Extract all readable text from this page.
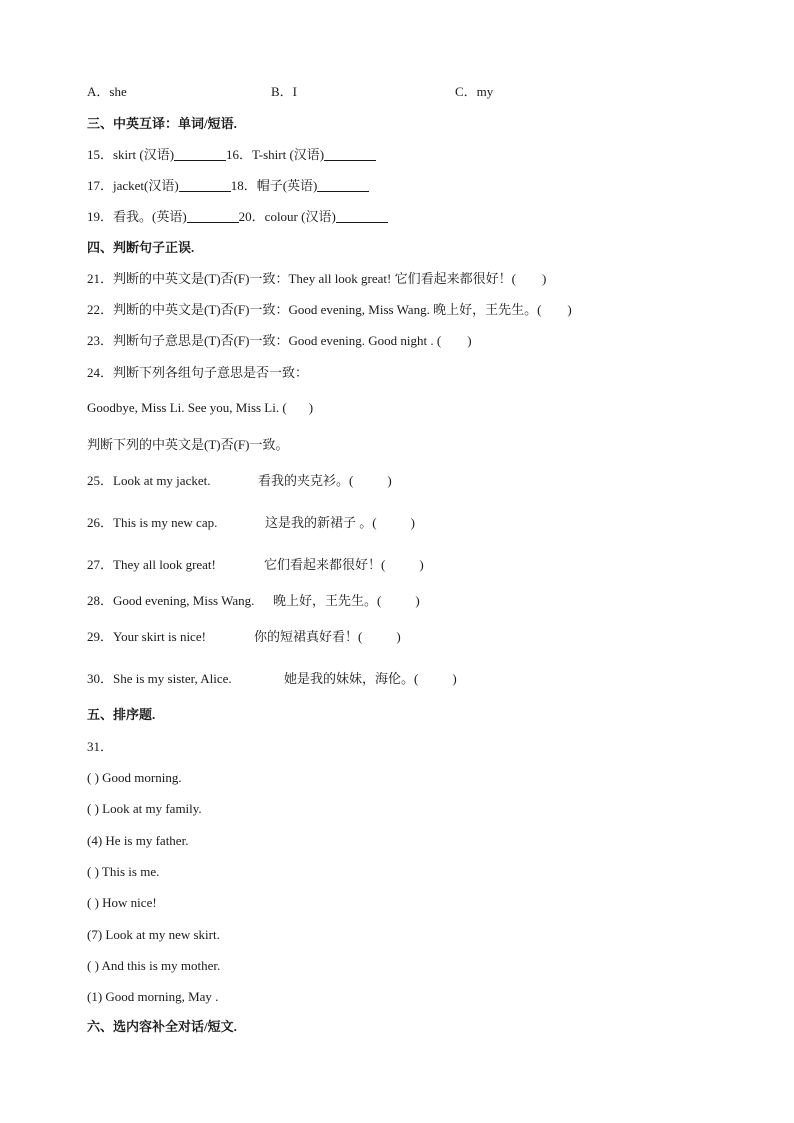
A．she	B．I	C．my
三、中英互译：单词/短语.
15．skirt (汉语)	16．T-shirt (汉语)
17．jacket(汉语)	18．帽子(英语)
19．看我。(英语)	20．colour (汉语)
四、判断句子正误.
21．判断的中英文是(T)否(F)一致：They all look great! 它们看起来都很好！( )
22．判断的中英文是(T)否(F)一致：Good evening, Miss Wang. 晚上好，王先生。( )
23．判断句子意思是(T)否(F)一致：Good evening. Good night . ( )
24．判断下列各组句子意思是否一致：
Goodbye, Miss Li. See you, Miss Li. ( )
判断下列的中英文是(T)否(F)一致。
25．Look at my jacket.	看我的夹克衫。(	)
26．This is my new cap.	这是我的新裙子 。(	)
27．They all look great!	它们看起来都很好！(	)
28．Good evening, Miss Wang. 晚上好，王先生。(	)
29．Your skirt is nice!	你的短裙真好看！(	)
30．She is my sister, Alice.	她是我的妹妹，海伦。(	)
五、排序题.
31．
( ) Good morning.
( ) Look at my family.
(4) He is my father.
( ) This is me.
( ) How nice!
(7) Look at my new skirt.
( ) And this is my mother.
(1) Good morning, May .
六、选内容补全对话/短文.
